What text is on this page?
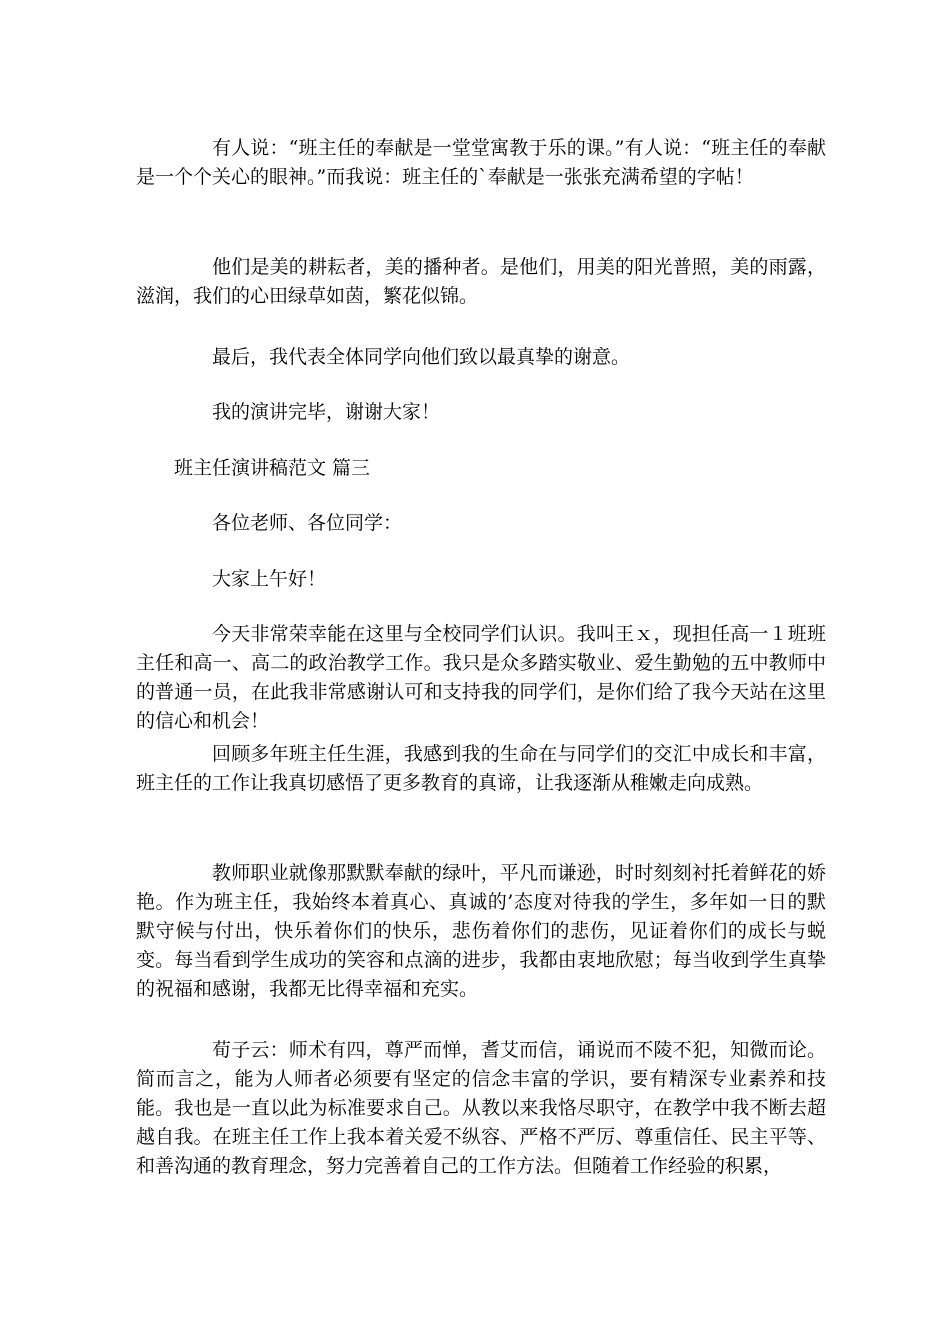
有人说：“班主任的奉献是一堂堂寓教于乐的课。”有人说：“班主任的奉献是一个个关心的眼神。”而我说：班主任的`奉献是一张张充满希望的字帖！

他们是美的耕耘者，美的播种者。是他们，用美的阳光普照，美的雨露，滋润，我们的心田绿草如茵，繁花似锦。

最后，我代表全体同学向他们致以最真挚的谢意。

我的演讲完毕，谢谢大家！

班主任演讲稿范文 篇三

各位老师、各位同学：

大家上午好！

今天非常荣幸能在这里与全校同学们认识。我叫王ｘ，现担任高一１班班主任和高一、高二的政治教学工作。我只是众多踏实敬业、爱生勤勉的五中教师中的普通一员，在此我非常感谢认可和支持我的同学们，是你们给了我今天站在这里的信心和机会！

回顾多年班主任生涯，我感到我的生命在与同学们的交汇中成长和丰富，班主任的工作让我真切感悟了更多教育的真谛，让我逐渐从稚嫩走向成熟。

教师职业就像那默默奉献的绿叶，平凡而谦逊，时时刻刻衬托着鲜花的娇艳。作为班主任，我始终本着真心、真诚的’态度对待我的学生，多年如一日的默默守候与付出，快乐着你们的快乐，悲伤着你们的悲伤，见证着你们的成长与蜕变。每当看到学生成功的笑容和点滴的进步，我都由衷地欣慰；每当收到学生真挚的祝福和感谢，我都无比得幸福和充实。

荀子云：师术有四，尊严而惮，耆艾而信，诵说而不陵不犯，知微而论。简而言之，能为人师者必须要有坚定的信念丰富的学识，要有精深专业素养和技能。我也是一直以此为标准要求自己。从教以来我恪尽职守，在教学中我不断去超越自我。在班主任工作上我本着关爱不纵容、严格不严厉、尊重信任、民主平等、和善沟通的教育理念，努力完善着自己的工作方法。但随着工作经验的积累，
